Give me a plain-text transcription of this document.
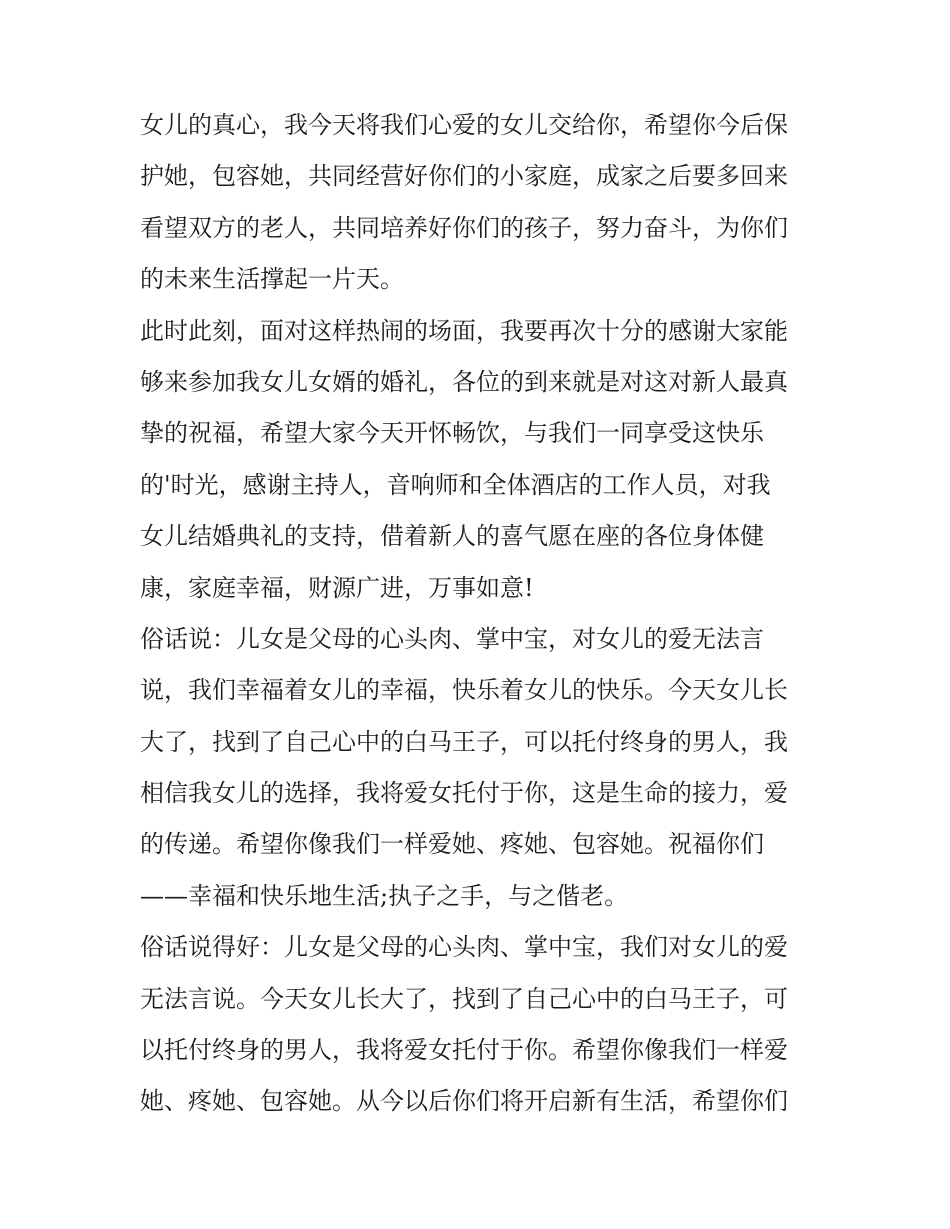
女儿的真心，我今天将我们心爱的女儿交给你，希望你今后保
护她，包容她，共同经营好你们的小家庭，成家之后要多回来
看望双方的老人，共同培养好你们的孩子，努力奋斗，为你们
的未来生活撑起一片天。
此时此刻，面对这样热闹的场面，我要再次十分的感谢大家能
够来参加我女儿女婿的婚礼，各位的到来就是对这对新人最真
挚的祝福，希望大家今天开怀畅饮，与我们一同享受这快乐
的'时光，感谢主持人，音响师和全体酒店的工作人员，对我
女儿结婚典礼的支持，借着新人的喜气愿在座的各位身体健
康，家庭幸福，财源广进，万事如意!
俗话说：儿女是父母的心头肉、掌中宝，对女儿的爱无法言
说，我们幸福着女儿的幸福，快乐着女儿的快乐。今天女儿长
大了，找到了自己心中的白马王子，可以托付终身的男人，我
相信我女儿的选择，我将爱女托付于你，这是生命的接力，爱
的传递。希望你像我们一样爱她、疼她、包容她。祝福你们
——幸福和快乐地生活;执子之手，与之偕老。
俗话说得好：儿女是父母的心头肉、掌中宝，我们对女儿的爱
无法言说。今天女儿长大了，找到了自己心中的白马王子，可
以托付终身的男人，我将爱女托付于你。希望你像我们一样爱
她、疼她、包容她。从今以后你们将开启新有生活，希望你们
